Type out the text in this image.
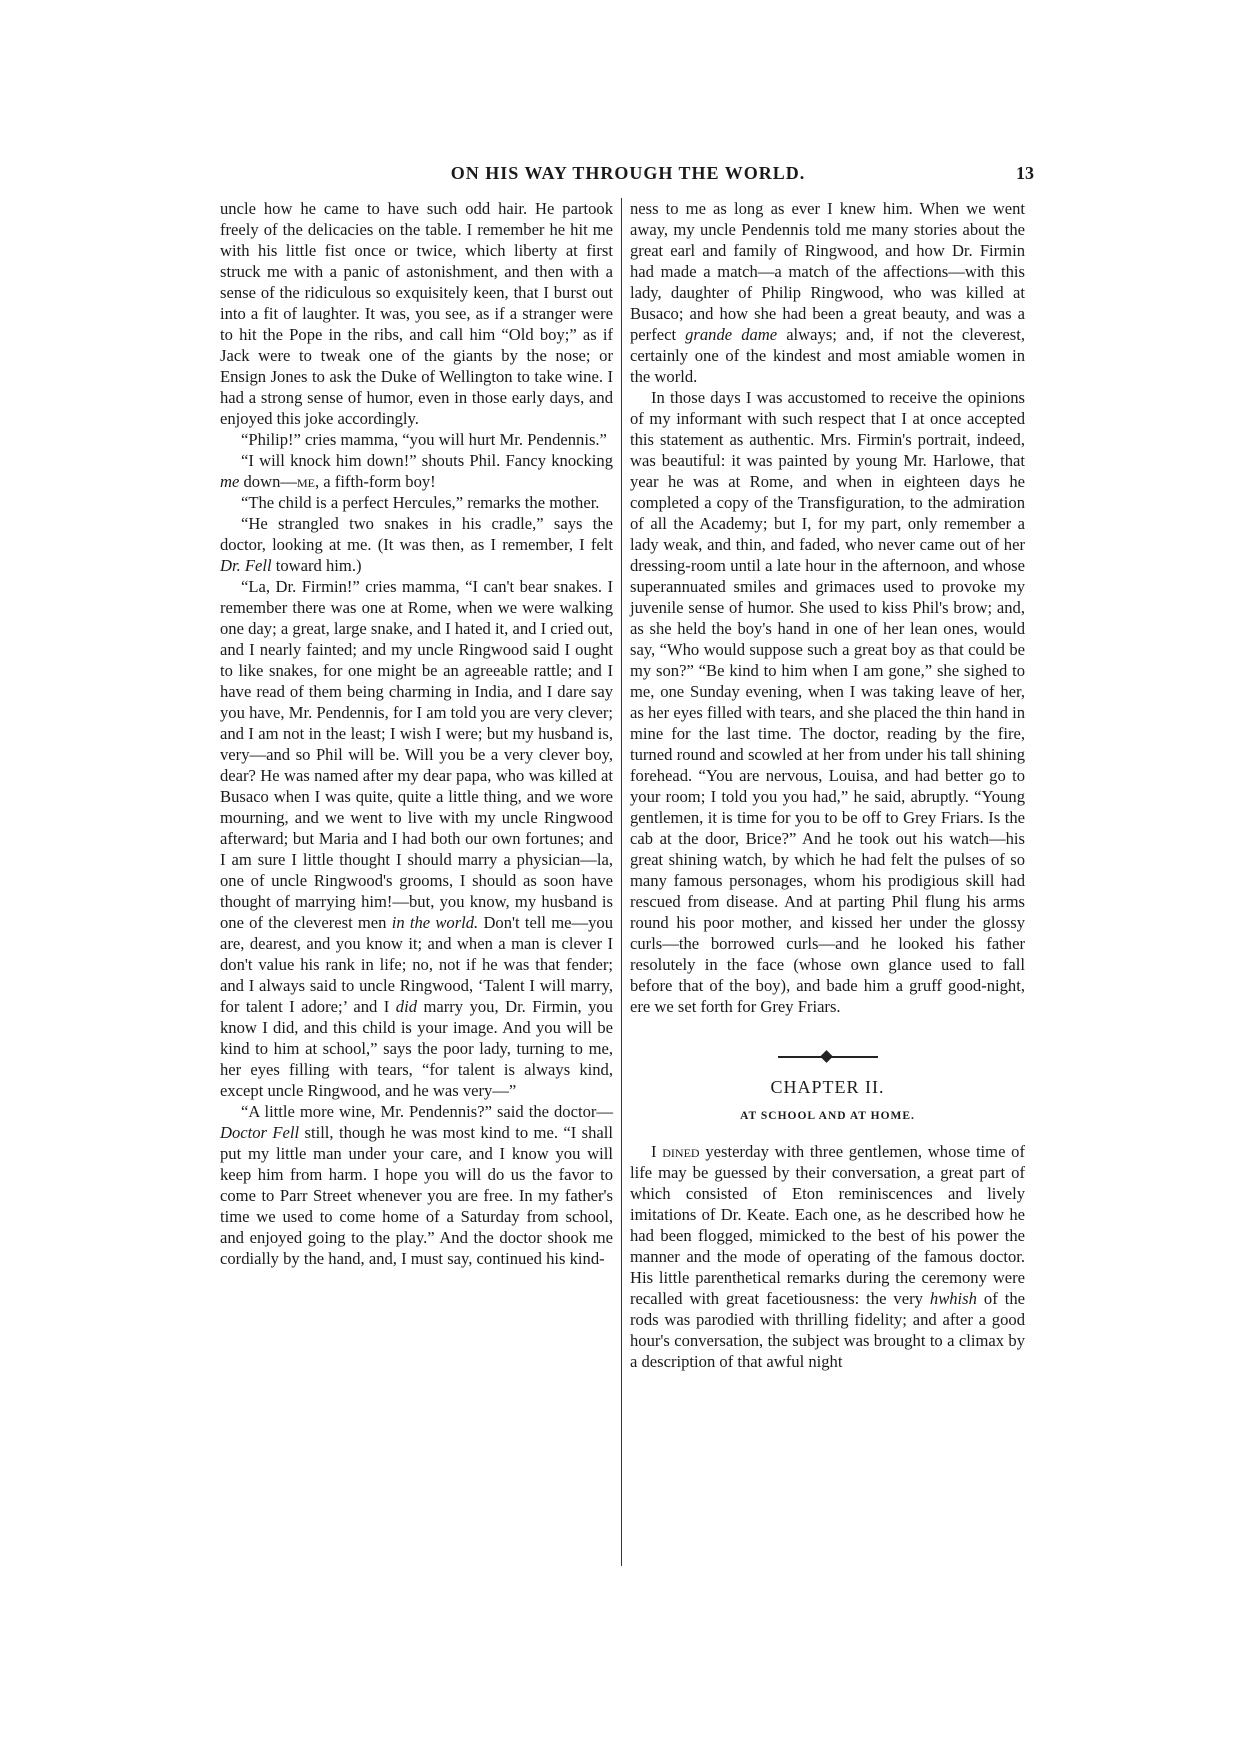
ON HIS WAY THROUGH THE WORLD.	13

uncle how he came to have such odd hair. He partook freely of the delicacies on the table. I remember he hit me with his little fist once or twice, which liberty at first struck me with a panic of astonishment, and then with a sense of the ridiculous so exquisitely keen, that I burst out into a fit of laughter. It was, you see, as if a stranger were to hit the Pope in the ribs, and call him “Old boy;” as if Jack were to tweak one of the giants by the nose; or Ensign Jones to ask the Duke of Wellington to take wine. I had a strong sense of humor, even in those early days, and enjoyed this joke accordingly.

“Philip!” cries mamma, “you will hurt Mr. Pendennis.”

“I will knock him down!” shouts Phil. Fancy knocking me down—me, a fifth-form boy!

“The child is a perfect Hercules,” remarks the mother.

“He strangled two snakes in his cradle,” says the doctor, looking at me. (It was then, as I remember, I felt Dr. Fell toward him.)

“La, Dr. Firmin!” cries mamma, “I can't bear snakes. I remember there was one at Rome, when we were walking one day; a great, large snake, and I hated it, and I cried out, and I nearly fainted; and my uncle Ringwood said I ought to like snakes, for one might be an agreeable rattle; and I have read of them being charming in India, and I dare say you have, Mr. Pendennis, for I am told you are very clever; and I am not in the least; I wish I were; but my husband is, very—and so Phil will be. Will you be a very clever boy, dear? He was named after my dear papa, who was killed at Busaco when I was quite, quite a little thing, and we wore mourning, and we went to live with my uncle Ringwood afterward; but Maria and I had both our own fortunes; and I am sure I little thought I should marry a physician—la, one of uncle Ringwood's grooms, I should as soon have thought of marrying him!—but, you know, my husband is one of the cleverest men in the world. Don't tell me—you are, dearest, and you know it; and when a man is clever I don't value his rank in life; no, not if he was that fender; and I always said to uncle Ringwood, ‘Talent I will marry, for talent I adore;’ and I did marry you, Dr. Firmin, you know I did, and this child is your image. And you will be kind to him at school,” says the poor lady, turning to me, her eyes filling with tears, “for talent is always kind, except uncle Ringwood, and he was very—”

“A little more wine, Mr. Pendennis?” said the doctor—Doctor Fell still, though he was most kind to me. “I shall put my little man under your care, and I know you will keep him from harm. I hope you will do us the favor to come to Parr Street whenever you are free. In my father's time we used to come home of a Saturday from school, and enjoyed going to the play.” And the doctor shook me cordially by the hand, and, I must say, continued his kind-

ness to me as long as ever I knew him. When we went away, my uncle Pendennis told me many stories about the great earl and family of Ringwood, and how Dr. Firmin had made a match—a match of the affections—with this lady, daughter of Philip Ringwood, who was killed at Busaco; and how she had been a great beauty, and was a perfect grande dame always; and, if not the cleverest, certainly one of the kindest and most amiable women in the world.

In those days I was accustomed to receive the opinions of my informant with such respect that I at once accepted this statement as authentic. Mrs. Firmin's portrait, indeed, was beautiful: it was painted by young Mr. Harlowe, that year he was at Rome, and when in eighteen days he completed a copy of the Transfiguration, to the admiration of all the Academy; but I, for my part, only remember a lady weak, and thin, and faded, who never came out of her dressing-room until a late hour in the afternoon, and whose superannuated smiles and grimaces used to provoke my juvenile sense of humor. She used to kiss Phil's brow; and, as she held the boy's hand in one of her lean ones, would say, “Who would suppose such a great boy as that could be my son?” “Be kind to him when I am gone,” she sighed to me, one Sunday evening, when I was taking leave of her, as her eyes filled with tears, and she placed the thin hand in mine for the last time. The doctor, reading by the fire, turned round and scowled at her from under his tall shining forehead. “You are nervous, Louisa, and had better go to your room; I told you you had,” he said, abruptly. “Young gentlemen, it is time for you to be off to Grey Friars. Is the cab at the door, Brice?” And he took out his watch—his great shining watch, by which he had felt the pulses of so many famous personages, whom his prodigious skill had rescued from disease. And at parting Phil flung his arms round his poor mother, and kissed her under the glossy curls—the borrowed curls—and he looked his father resolutely in the face (whose own glance used to fall before that of the boy), and bade him a gruff good-night, ere we set forth for Grey Friars.

CHAPTER II.
AT SCHOOL AND AT HOME.

I dined yesterday with three gentlemen, whose time of life may be guessed by their conversation, a great part of which consisted of Eton reminiscences and lively imitations of Dr. Keate. Each one, as he described how he had been flogged, mimicked to the best of his power the manner and the mode of operating of the famous doctor. His little parenthetical remarks during the ceremony were recalled with great facetiousness: the very hwhish of the rods was parodied with thrilling fidelity; and after a good hour's conversation, the subject was brought to a climax by a description of that awful night
